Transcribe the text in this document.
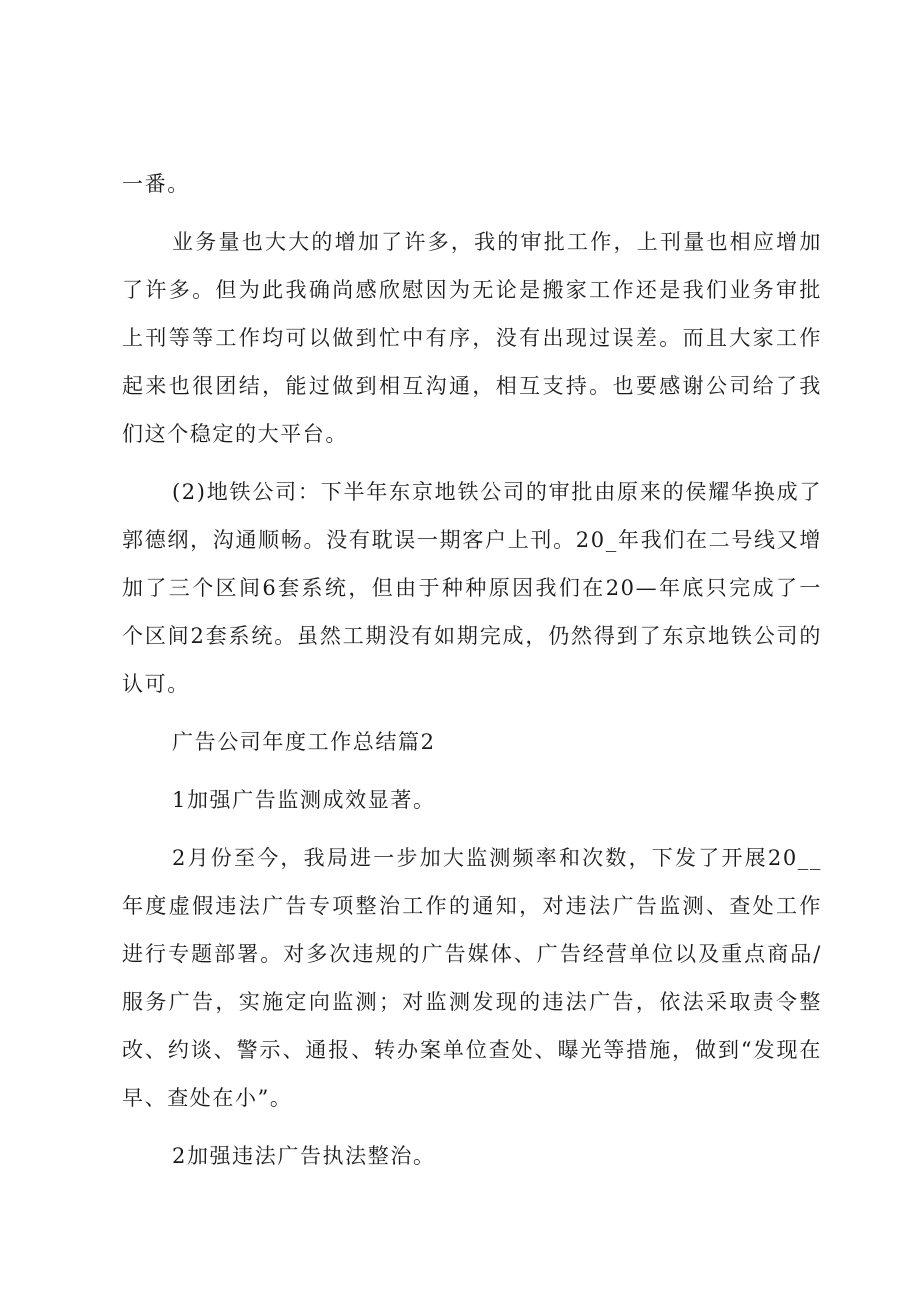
一番。

业务量也大大的增加了许多，我的审批工作，上刊量也相应增加了许多。但为此我确尚感欣慰因为无论是搬家工作还是我们业务审批上刊等等工作均可以做到忙中有序，没有出现过误差。而且大家工作起来也很团结，能过做到相互沟通，相互支持。也要感谢公司给了我们这个稳定的大平台。

(2)地铁公司：下半年东京地铁公司的审批由原来的侯耀华换成了郭德纲，沟通顺畅。没有耽误一期客户上刊。20_年我们在二号线又增加了三个区间6套系统，但由于种种原因我们在20—年底只完成了一个区间2套系统。虽然工期没有如期完成，仍然得到了东京地铁公司的认可。

广告公司年度工作总结篇2

1加强广告监测成效显著。

2月份至今，我局进一步加大监测频率和次数，下发了开展20__年度虚假违法广告专项整治工作的通知，对违法广告监测、查处工作进行专题部署。对多次违规的广告媒体、广告经营单位以及重点商品/服务广告，实施定向监测；对监测发现的违法广告，依法采取责令整改、约谈、警示、通报、转办案单位查处、曝光等措施，做到“发现在早、查处在小”。

2加强违法广告执法整治。
